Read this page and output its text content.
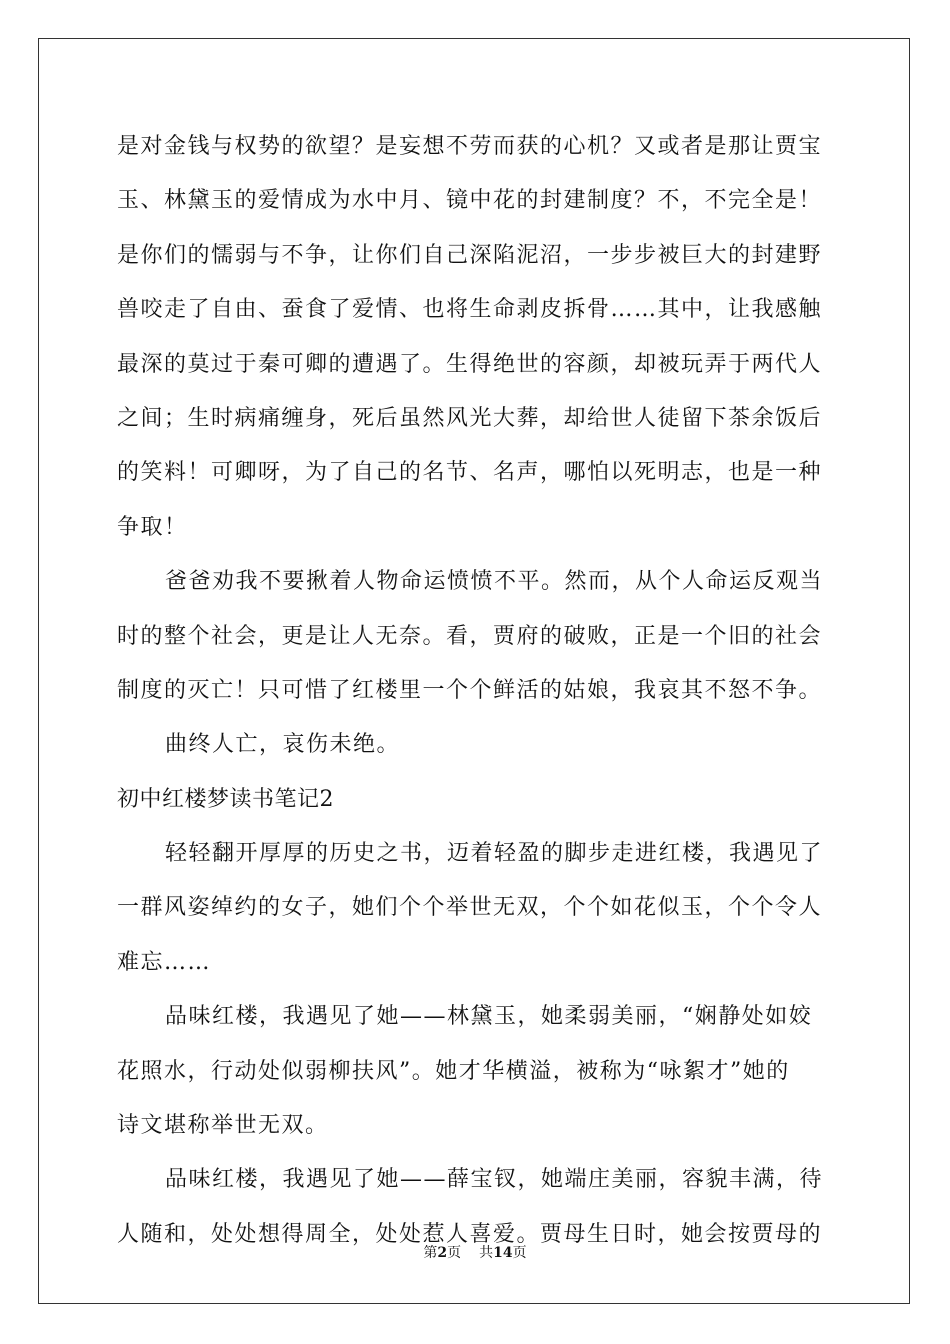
是对金钱与权势的欲望？是妄想不劳而获的心机？又或者是那让贾宝
玉、林黛玉的爱情成为水中月、镜中花的封建制度？不，不完全是！
是你们的懦弱与不争，让你们自己深陷泥沼，一步步被巨大的封建野
兽咬走了自由、蚕食了爱情、也将生命剥皮拆骨……其中，让我感触
最深的莫过于秦可卿的遭遇了。生得绝世的容颜，却被玩弄于两代人
之间；生时病痛缠身，死后虽然风光大葬，却给世人徒留下茶余饭后
的笑料！可卿呀，为了自己的名节、名声，哪怕以死明志，也是一种
争取！
爸爸劝我不要揪着人物命运愤愤不平。然而，从个人命运反观当
时的整个社会，更是让人无奈。看，贾府的破败，正是一个旧的社会
制度的灭亡！只可惜了红楼里一个个鲜活的姑娘，我哀其不怒不争。
曲终人亡，哀伤未绝。
初中红楼梦读书笔记2
轻轻翻开厚厚的历史之书，迈着轻盈的脚步走进红楼，我遇见了
一群风姿绰约的女子，她们个个举世无双，个个如花似玉，个个令人
难忘……
品味红楼，我遇见了她——林黛玉，她柔弱美丽，“娴静处如姣
花照水，行动处似弱柳扶风”。她才华横溢，被称为“咏絮才”她的
诗文堪称举世无双。
品味红楼，我遇见了她——薛宝钗，她端庄美丽，容貌丰满，待
人随和，处处想得周全，处处惹人喜爱。贾母生日时，她会按贾母的
第2页 共14页
